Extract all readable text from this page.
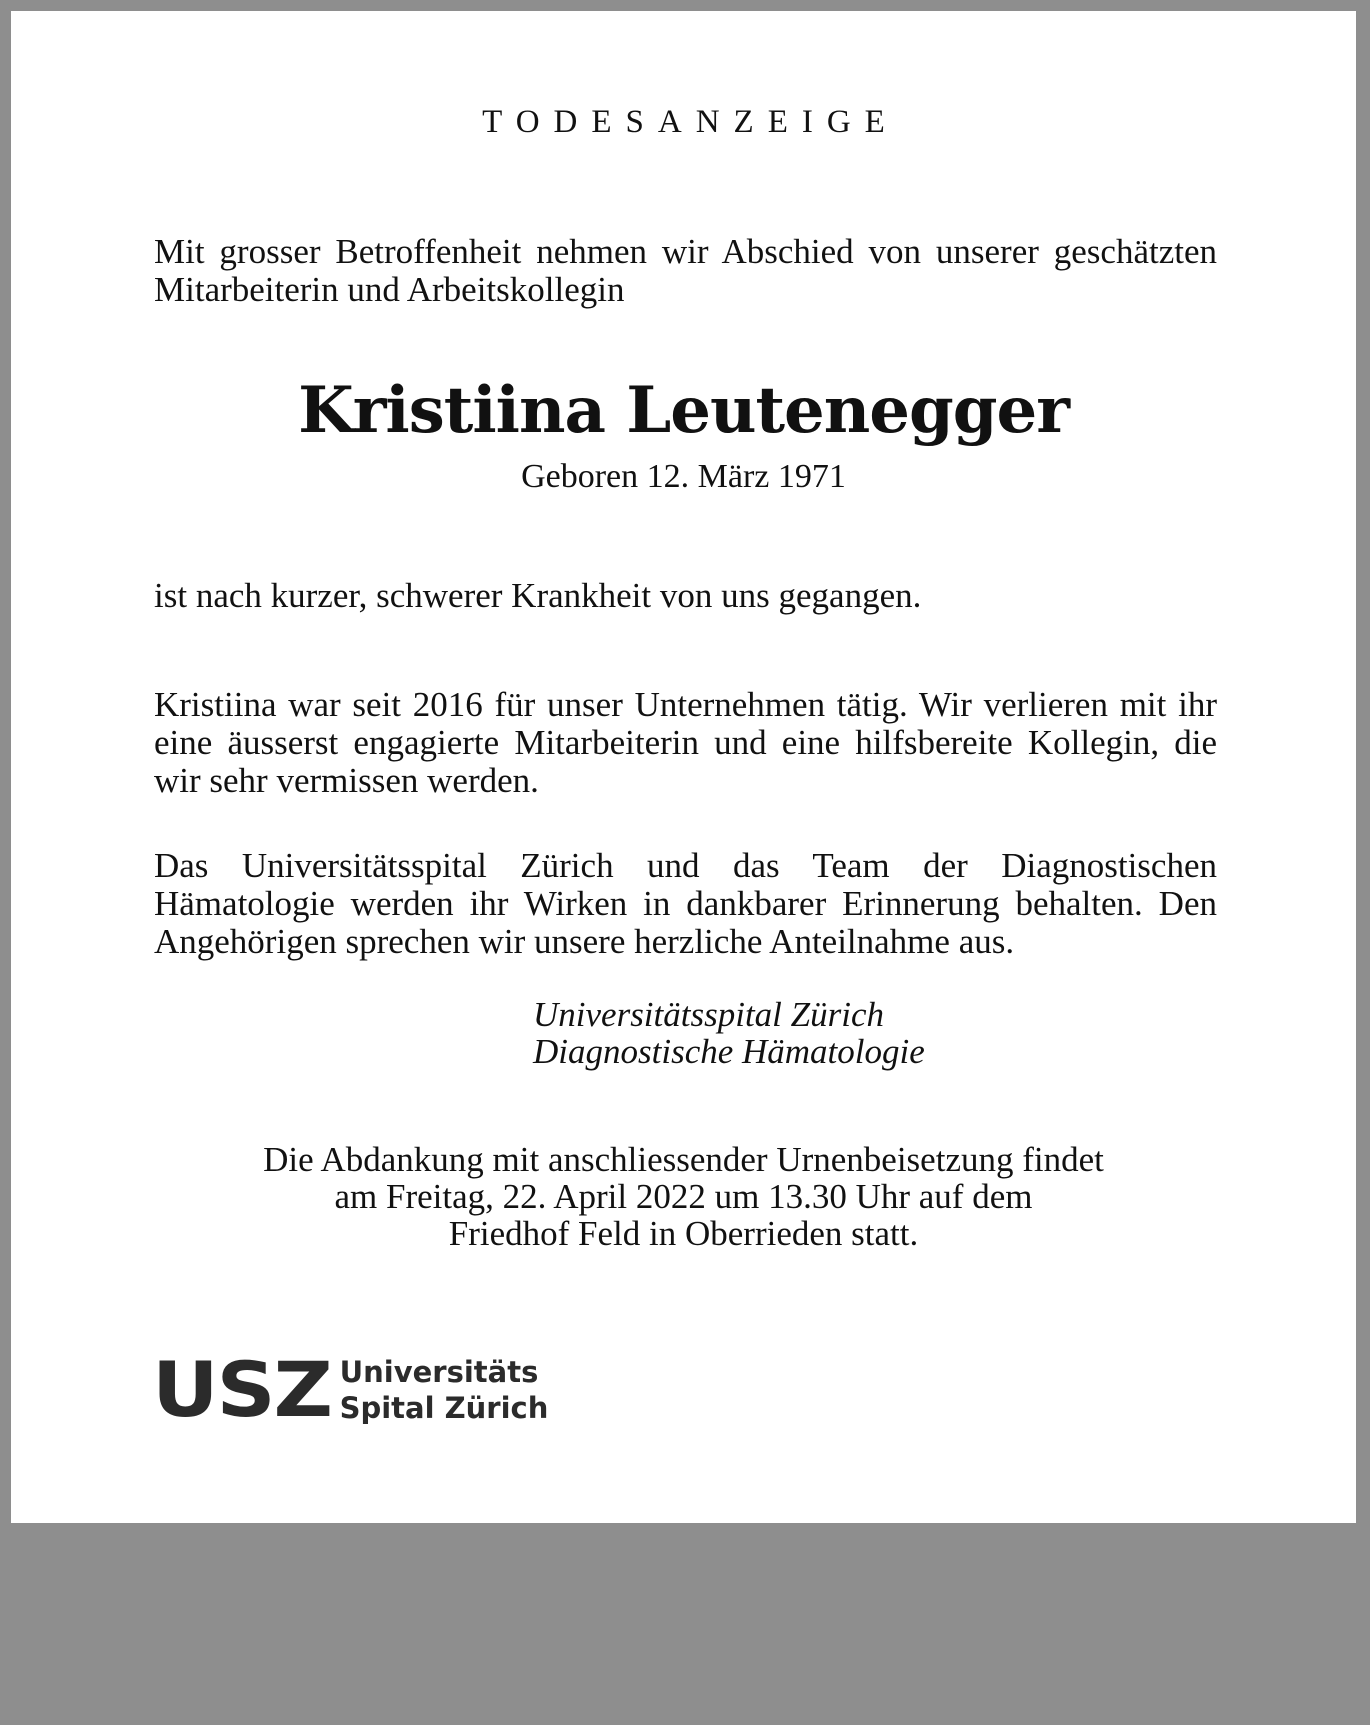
TODESANZEIGE

Mit grosser Betroffenheit nehmen wir Abschied von unserer geschätzten Mitarbeiterin und Arbeitskollegin

Kristiina Leutenegger
Geboren 12. März 1971

ist nach kurzer, schwerer Krankheit von uns gegangen.

Kristiina war seit 2016 für unser Unternehmen tätig. Wir verlieren mit ihr eine äusserst engagierte Mitarbeiterin und eine hilfsbereite Kollegin, die wir sehr vermissen werden.

Das Universitätsspital Zürich und das Team der Diagnostischen Hämatologie werden ihr Wirken in dankbarer Erinnerung behalten. Den Angehörigen sprechen wir unsere herzliche Anteilnahme aus.

Universitätsspital Zürich
Diagnostische Hämatologie
Die Abdankung mit anschliessender Urnenbeisetzung findet
am Freitag, 22. April 2022 um 13.30 Uhr auf dem
Friedhof Feld in Oberrieden statt.
USZ Universitäts
Spital Zürich
